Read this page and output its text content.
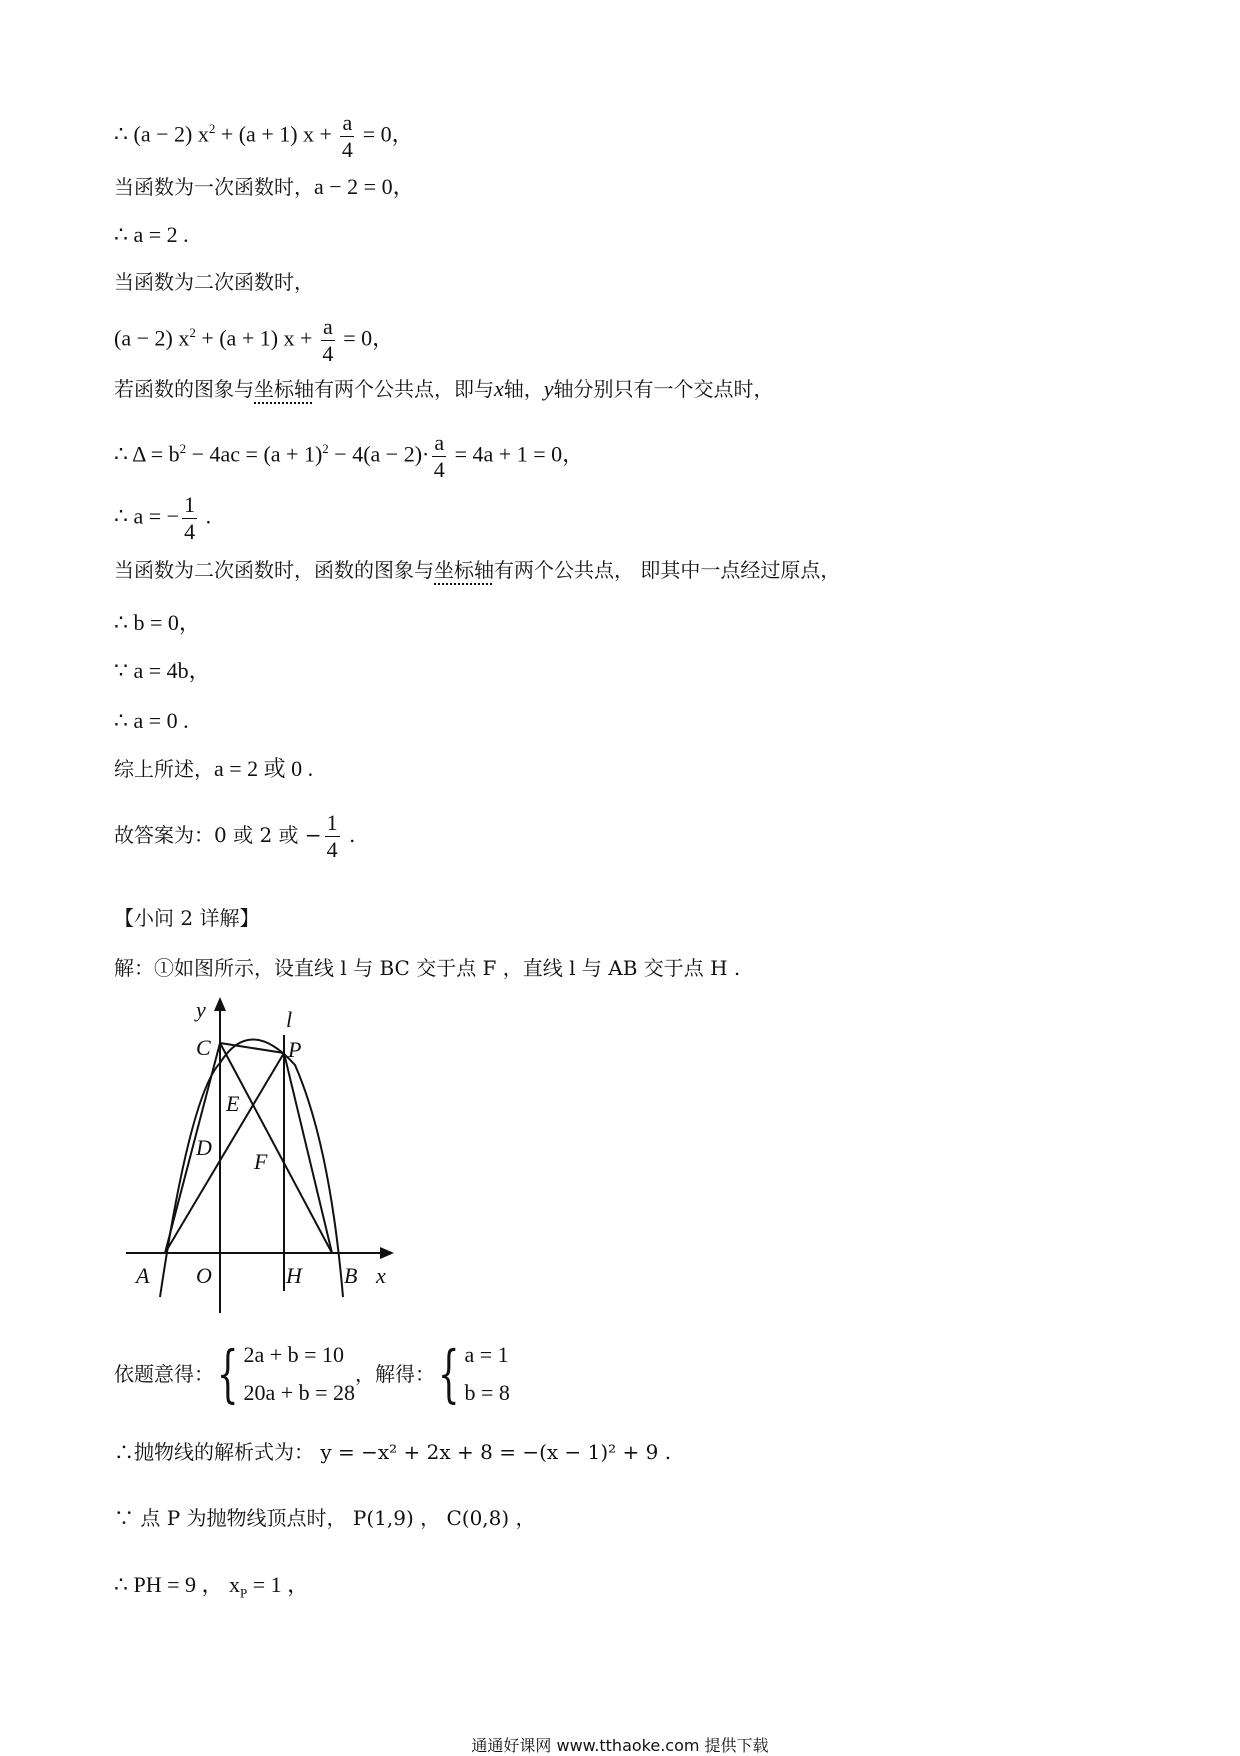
∴ (a − 2) $x^2 + (a + 1) x + \frac{a}{4} = 0$，
当函数为一次函数时，a − 2 = 0，
∴ a = 2 .
当函数为二次函数时，
(a − 2) $x^2 + (a + 1) x + \frac{a}{4} = 0$，
若函数的图象与坐标轴有两个公共点，即与x轴，y轴分别只有一个交点时，
∴ $\Delta = b^2 - 4ac = (a + 1)^2 - 4(a - 2)\cdot \frac{a}{4} = 4a + 1 = 0$，
∴ a = − $\frac{1}{4}$ .
当函数为二次函数时，函数的图象与坐标轴有两个公共点， 即其中一点经过原点，
∴ b = 0，
∵ a = 4b，
∴ a = 0 .
综上所述，a = 2 或 0 .
故答案为：0 或 2 或 − $\frac{1}{4}$ .
【小问 2 详解】
解：①如图所示，设直线 l 与 BC 交于点 F ，直线 l 与 AB 交于点 H .
y	l
C	P
E
D
F
A O	H B x
依题意得：{ 2a + b = 10
20a + b = 28
，解得：{ a = 1
b = 8
∴抛物线的解析式为： y = −x² + 2x + 8 = −(x − 1)² + 9 .
∵ 点 P 为抛物线顶点时， P(1,9) ， C(0,8) ，
∴ PH = 9 ， $x_P = 1$ ，
通通好课网 www.tthaoke.com 提供下载
